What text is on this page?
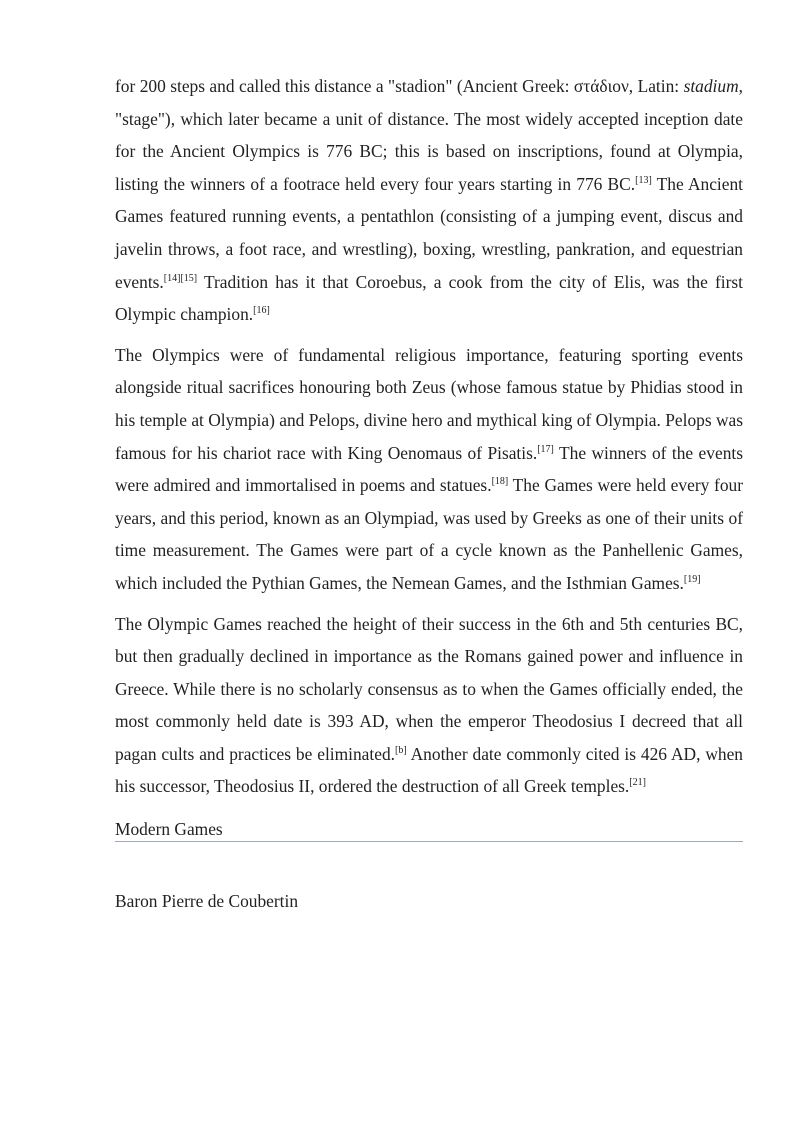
for 200 steps and called this distance a "stadion" (Ancient Greek: στάδιον, Latin: stadium, "stage"), which later became a unit of distance. The most widely accepted inception date for the Ancient Olympics is 776 BC; this is based on inscriptions, found at Olympia, listing the winners of a footrace held every four years starting in 776 BC.[13] The Ancient Games featured running events, a pentathlon (consisting of a jumping event, discus and javelin throws, a foot race, and wrestling), boxing, wrestling, pankration, and equestrian events.[14][15] Tradition has it that Coroebus, a cook from the city of Elis, was the first Olympic champion.[16]

The Olympics were of fundamental religious importance, featuring sporting events alongside ritual sacrifices honouring both Zeus (whose famous statue by Phidias stood in his temple at Olympia) and Pelops, divine hero and mythical king of Olympia. Pelops was famous for his chariot race with King Oenomaus of Pisatis.[17] The winners of the events were admired and immortalised in poems and statues.[18] The Games were held every four years, and this period, known as an Olympiad, was used by Greeks as one of their units of time measurement. The Games were part of a cycle known as the Panhellenic Games, which included the Pythian Games, the Nemean Games, and the Isthmian Games.[19]

The Olympic Games reached the height of their success in the 6th and 5th centuries BC, but then gradually declined in importance as the Romans gained power and influence in Greece. While there is no scholarly consensus as to when the Games officially ended, the most commonly held date is 393 AD, when the emperor Theodosius I decreed that all pagan cults and practices be eliminated.[b] Another date commonly cited is 426 AD, when his successor, Theodosius II, ordered the destruction of all Greek temples.[21]

Modern Games
Baron Pierre de Coubertin
